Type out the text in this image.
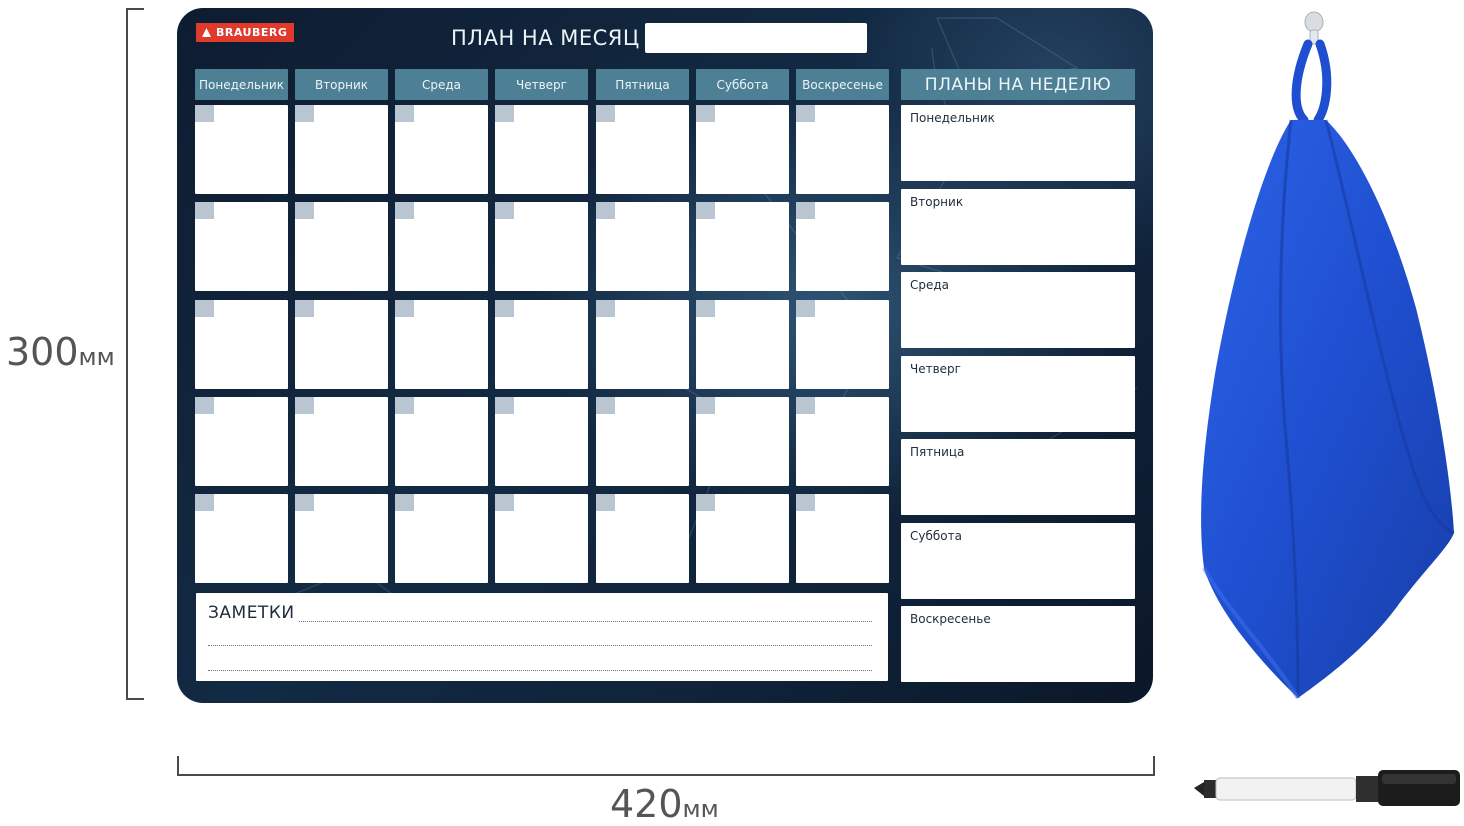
300мм
420мм
BRAUBERG	ПЛАН НА МЕСЯЦ
Понедельник	Вторник	Среда	Четверг	Пятница	Суббота	Воскресенье	ПЛАНЫ НА НЕДЕЛЮ
ЗАМЕТКИ
Понедельник
Вторник
Среда
Четверг
Пятница
Суббота
Воскресенье
